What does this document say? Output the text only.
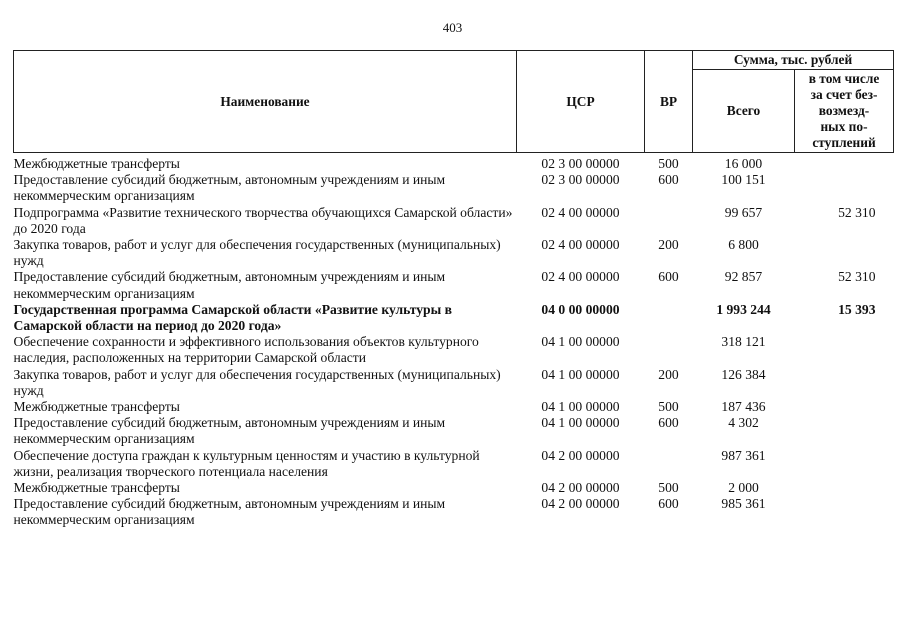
403
Наименование	ЦСР	ВР	Сумма, тыс. рублей	
			Всего	в том числе
за счет без-
возмезд-
ных по-
ступлений

Межбюджетные трансферты	02 3 00 00000	500	16 000	
Предоставление субсидий бюджетным, автономным учреждениям и иным некоммерческим организациям	02 3 00 00000	600	100 151	
Подпрограмма «Развитие технического творчества обучающихся Самарской области» до 2020 года	02 4 00 00000		99 657	52 310
Закупка товаров, работ и услуг для обеспечения государственных (муниципальных) нужд	02 4 00 00000	200	6 800	
Предоставление субсидий бюджетным, автономным учреждениям и иным некоммерческим организациям	02 4 00 00000	600	92 857	52 310
Государственная программа Самарской области «Развитие культуры в Самарской области на период до 2020 года»	04 0 00 00000		1 993 244	15 393
Обеспечение сохранности и эффективного использования объектов культурного наследия, расположенных на территории Самарской области	04 1 00 00000		318 121	
Закупка товаров, работ и услуг для обеспечения государственных (муниципальных) нужд	04 1 00 00000	200	126 384	
Межбюджетные трансферты	04 1 00 00000	500	187 436	
Предоставление субсидий бюджетным, автономным учреждениям и иным некоммерческим организациям	04 1 00 00000	600	4 302	
Обеспечение доступа граждан к культурным ценностям и участию в культурной жизни, реализация творческого потенциала населения	04 2 00 00000		987 361	
Межбюджетные трансферты	04 2 00 00000	500	2 000	
Предоставление субсидий бюджетным, автономным учреждениям и иным некоммерческим организациям	04 2 00 00000	600	985 361	
